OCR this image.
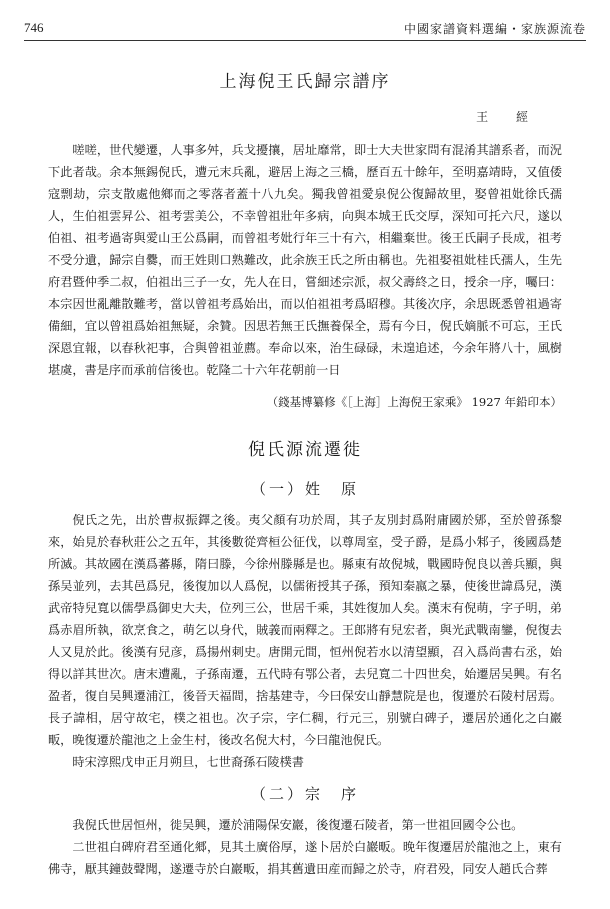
746	中國家譜資料選編・家族源流卷
上海倪王氏歸宗譜序
王 經

嗟嗟，世代變遷，人事多舛，兵戈擾攘，居址靡常，即士大夫世家問有混淆其譜系者，而況下此者哉。余本無錫倪氏，遭元末兵亂，避居上海之三橋，歷百五十餘年，至明嘉靖時，又值倭寇剽劫，宗支散處他鄉而之零落者蓋十八九矣。獨我曾祖愛泉倪公復歸故里，娶曾祖妣徐氏孺人，生伯祖雲昇公、祖考雲美公，不幸曾祖壯年多病，向與本城王氏交厚，深知可托六尺，遂以伯祖、祖考過寄與愛山王公爲嗣，而曾祖考妣行年三十有六，相繼棄世。後王氏嗣子長成，祖考不受分遺，歸宗自爨，而王姓則口熟難改，此余族王氏之所由稱也。先祖娶祖妣桂氏孺人，生先府君暨仲季二叔，伯祖出三子一女，先人在日，嘗細述宗派，叔父壽終之日，授余一序，囑曰：本宗因世亂離散難考，當以曾祖考爲始出，而以伯祖祖考爲昭穆。其後次序，余思既悉曾祖過寄備細，宜以曾祖爲始祖無疑，余贊。因思若無王氏撫養保全，焉有今日，倪氏嫡脈不可忘，王氏深恩宜報，以春秋祀事，合與曾祖並薦。奉命以來，治生碌碌，未遑追述，今余年將八十，風樹堪虞，書是序而承前信後也。乾隆二十六年花朝前一日

（錢基博纂修《［上海］上海倪王家乘》 1927 年鉛印本）
倪氏源流遷徙
（一）姓　原

倪氏之先，出於曹叔振鐸之後。夷父顏有功於周，其子友別封爲附庸國於郳，至於曾孫黎來，始見於春秋莊公之五年，其後數從齊桓公征伐，以尊周室，受子爵，是爲小邾子，後國爲楚所滅。其故國在漢爲蕃縣，隋曰滕，今徐州滕縣是也。縣東有故倪城，戰國時倪良以善兵顯，與孫吴並列，去其邑爲兒，後復加以人爲倪，以儒術授其子孫，預知秦嬴之暴，使後世諱爲兒，漢武帝特兒寬以儒學爲御史大夫，位列三公，世居千乘，其姓復加人矣。漢末有倪萌，字子明，弟爲赤眉所執，欲烹食之，萌乞以身代，賊義而兩釋之。王郎將有兒宏者，與光武戰南鑾，倪復去人又見於此。後漢有兒彦，爲揚州刺史。唐開元間，恒州倪若水以清望顯，召入爲尚書右丞，始得以詳其世次。唐末遭亂，子孫南遷，五代時有鄂公者，去兒寬二十四世矣，始遷居吴興。有名盈者，復自吴興遷浦江，後晉天福間，捨基建寺，今曰保安山靜慧院是也，復遷於石陵村居焉。長子諱相，居守故宅，樸之祖也。次子宗，字仁稠，行元三，别號白碑子，遷居於通化之白巖畈，晚復遷於龍池之上金生村，後改名倪大村，今曰龍池倪氏。

時宋淳熙戊申正月朔旦，七世裔孫石陵樸書

（二）宗　序

我倪氏世居恒州，徙吴興，遷於浦陽保安巖，後復遷石陵者，第一世祖回國令公也。

二世祖白碑府君至通化郷，見其土廣俗厚，遂卜居於白巖畈。晚年復遷居於龍池之上，東有佛寺，厭其鐘鼓聲聞，遂遷寺於白巖畈，捐其舊遺田産而歸之於寺，府君殁，同安人趙氏合葬
